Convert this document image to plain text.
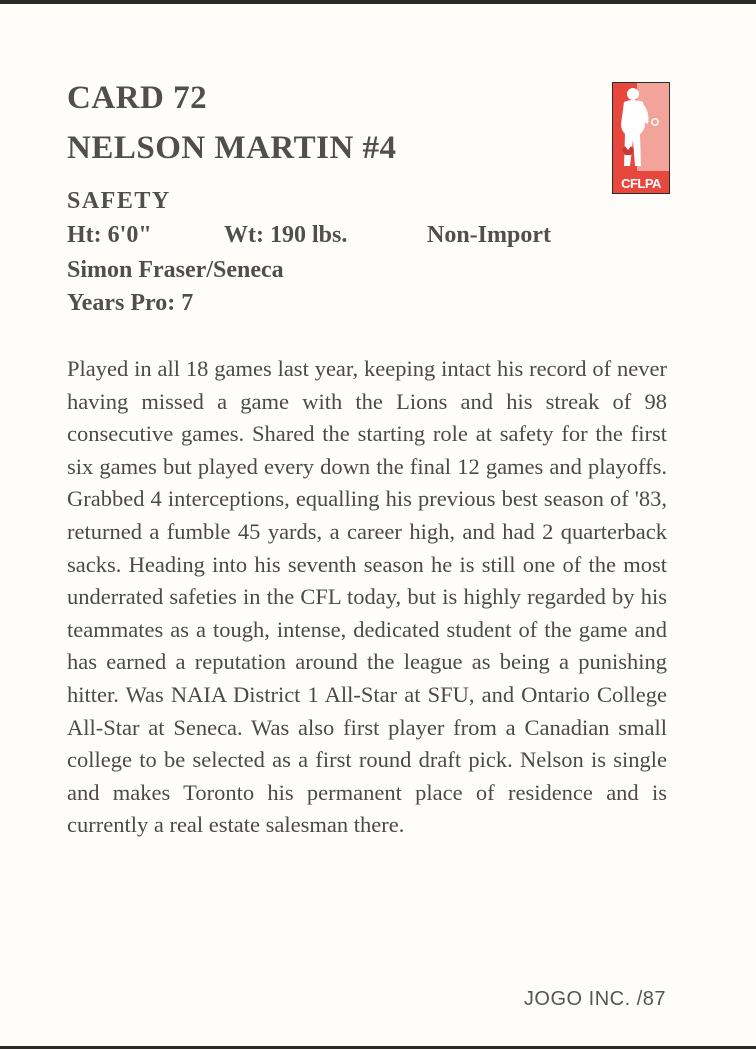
CARD 72
NELSON MARTIN #4
CFLPA
SAFETY
Ht: 6'0"	Wt: 190 lbs.	Non-Import
Simon Fraser/Seneca
Years Pro: 7

Played in all 18 games last year, keeping intact his record of never having missed a game with the Lions and his streak of 98 consecutive games. Shared the starting role at safety for the first six games but played every down the final 12 games and playoffs. Grabbed 4 interceptions, equalling his previous best season of '83, returned a fumble 45 yards, a career high, and had 2 quarterback sacks. Heading into his seventh season he is still one of the most underrated safeties in the CFL today, but is highly regarded by his teammates as a tough, intense, dedicated student of the game and has earned a reputation around the league as being a punishing hitter. Was NAIA District 1 All-Star at SFU, and Ontario College All-Star at Seneca. Was also first player from a Canadian small college to be selected as a first round draft pick. Nelson is single and makes Toronto his permanent place of residence and is currently a real estate salesman there.

JOGO INC. /87
